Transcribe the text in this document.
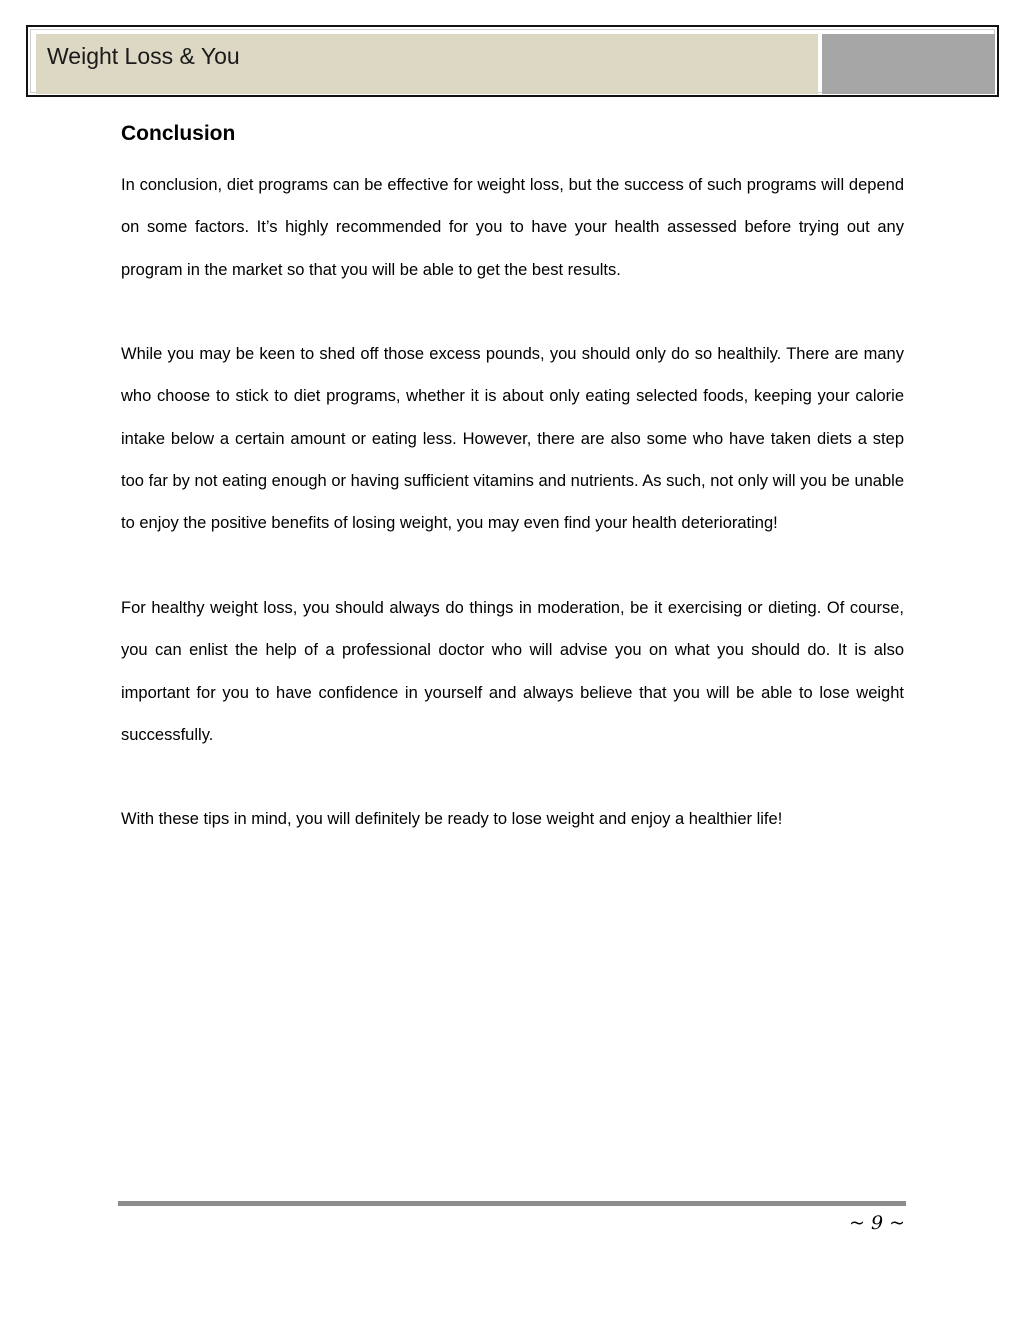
Weight Loss & You
Conclusion

In conclusion, diet programs can be effective for weight loss, but the success of such programs will depend on some factors. It’s highly recommended for you to have your health assessed before trying out any program in the market so that you will be able to get the best results.

While you may be keen to shed off those excess pounds, you should only do so healthily. There are many who choose to stick to diet programs, whether it is about only eating selected foods, keeping your calorie intake below a certain amount or eating less. However, there are also some who have taken diets a step too far by not eating enough or having sufficient vitamins and nutrients. As such, not only will you be unable to enjoy the positive benefits of losing weight, you may even find your health deteriorating!

For healthy weight loss, you should always do things in moderation, be it exercising or dieting. Of course, you can enlist the help of a professional doctor who will advise you on what you should do. It is also important for you to have confidence in yourself and always believe that you will be able to lose weight successfully.

With these tips in mind, you will definitely be ready to lose weight and enjoy a healthier life!

~ 9 ~
